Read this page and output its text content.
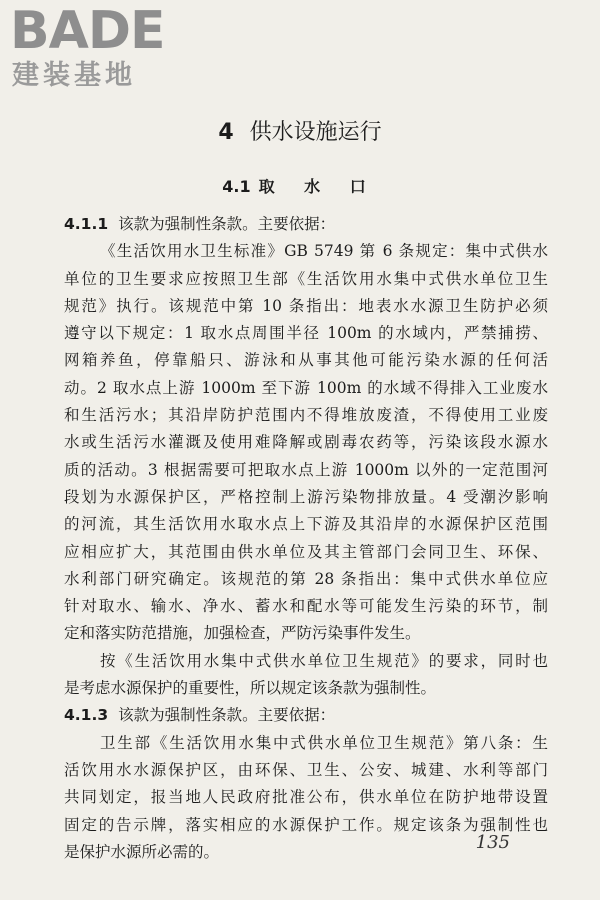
BADE
建装基地
4 供水设施运行
4.1 取 水 口
4.1.1 该款为强制性条款。主要依据：
《生活饮用水卫生标准》GB 5749 第 6 条规定：集中式供水
单位的卫生要求应按照卫生部《生活饮用水集中式供水单位卫生
规范》执行。该规范中第 10 条指出：地表水水源卫生防护必须
遵守以下规定：1 取水点周围半径 100m 的水域内，严禁捕捞、
网箱养鱼，停靠船只、游泳和从事其他可能污染水源的任何活
动。2 取水点上游 1000m 至下游 100m 的水域不得排入工业废水
和生活污水；其沿岸防护范围内不得堆放废渣，不得使用工业废
水或生活污水灌溉及使用难降解或剧毒农药等，污染该段水源水
质的活动。3 根据需要可把取水点上游 1000m 以外的一定范围河
段划为水源保护区，严格控制上游污染物排放量。4 受潮汐影响
的河流，其生活饮用水取水点上下游及其沿岸的水源保护区范围
应相应扩大，其范围由供水单位及其主管部门会同卫生、环保、
水利部门研究确定。该规范的第 28 条指出：集中式供水单位应
针对取水、输水、净水、蓄水和配水等可能发生污染的环节，制
定和落实防范措施，加强检查，严防污染事件发生。
按《生活饮用水集中式供水单位卫生规范》的要求，同时也
是考虑水源保护的重要性，所以规定该条款为强制性。
4.1.3 该款为强制性条款。主要依据：
卫生部《生活饮用水集中式供水单位卫生规范》第八条：生
活饮用水水源保护区，由环保、卫生、公安、城建、水利等部门
共同划定，报当地人民政府批准公布，供水单位在防护地带设置
固定的告示牌，落实相应的水源保护工作。规定该条为强制性也
是保护水源所必需的。	135
